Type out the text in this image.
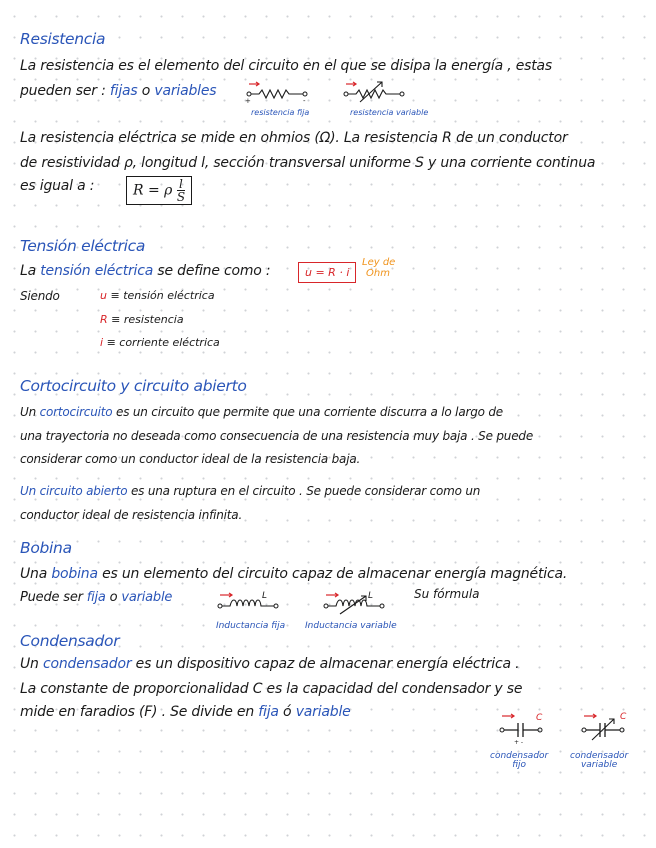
Resistencia
La resistencia es el elemento del circuito en el que se disipa la energía , estas
pueden ser : fijas o variables
+	-
resistencia fija	resistencia variable
La resistencia eléctrica se mide en ohmios (Ω). La resistencia R de un conductor
de resistividad ρ, longitud l, sección transversal uniforme S y una corriente continua
es igual a :	R = ρ $\frac{l}{S}$
Tensión eléctrica
La tensión eléctrica se define como :	u = R · i
Ley de
Ohm
Siendo	u ≡ tensión eléctrica
R ≡ resistencia
i ≡ corriente eléctrica
Cortocircuito y circuito abierto
Un cortocircuito es un circuito que permite que una corriente discurra a lo largo de
una trayectoria no deseada como consecuencia de una resistencia muy baja . Se puede
considerar como un conductor ideal de la resistencia baja.
Un circuito abierto es una ruptura en el circuito . Se puede considerar como un
conductor ideal de resistencia infinita.
Bobina
Una bobina es un elemento del circuito capaz de almacenar energía magnética.
Puede ser fija o variable	L
Inductancia fija
L
Inductancia variable
Su fórmula
Condensador
Un condensador es un dispositivo capaz de almacenar energía eléctrica .
La constante de proporcionalidad C es la capacidad del condensador y se
mide en faradios (F) . Se divide en fija ó variable	C
+ -
condensador
fijo
C
condensador
variable
